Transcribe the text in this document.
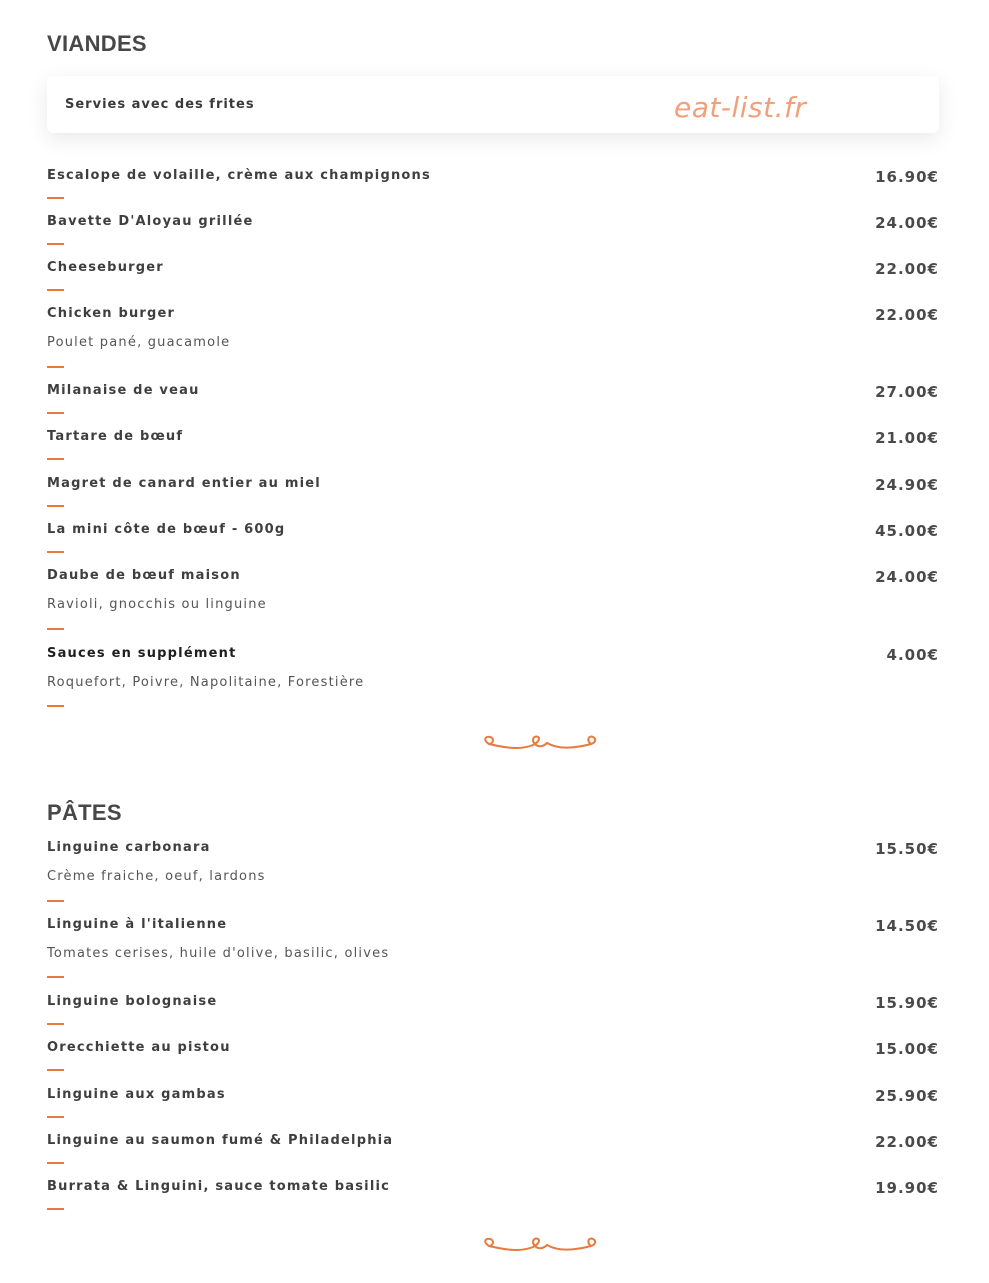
VIANDES
Servies avec des frites	eat-list.fr
Escalope de volaille, crème aux champignons	16.90€
Bavette D'Aloyau grillée	24.00€
Cheeseburger	22.00€
Chicken burger	22.00€
Poulet pané, guacamole
Milanaise de veau	27.00€
Tartare de bœuf	21.00€
Magret de canard entier au miel	24.90€
La mini côte de bœuf - 600g	45.00€
Daube de bœuf maison	24.00€
Ravioli, gnocchis ou linguine
Sauces en supplément	4.00€
Roquefort, Poivre, Napolitaine, Forestière
PÂTES
Linguine carbonara	15.50€
Crème fraiche, oeuf, lardons
Linguine à l'italienne	14.50€
Tomates cerises, huile d'olive, basilic, olives
Linguine bolognaise	15.90€
Orecchiette au pistou	15.00€
Linguine aux gambas	25.90€
Linguine au saumon fumé & Philadelphia	22.00€
Burrata & Linguini, sauce tomate basilic	19.90€
